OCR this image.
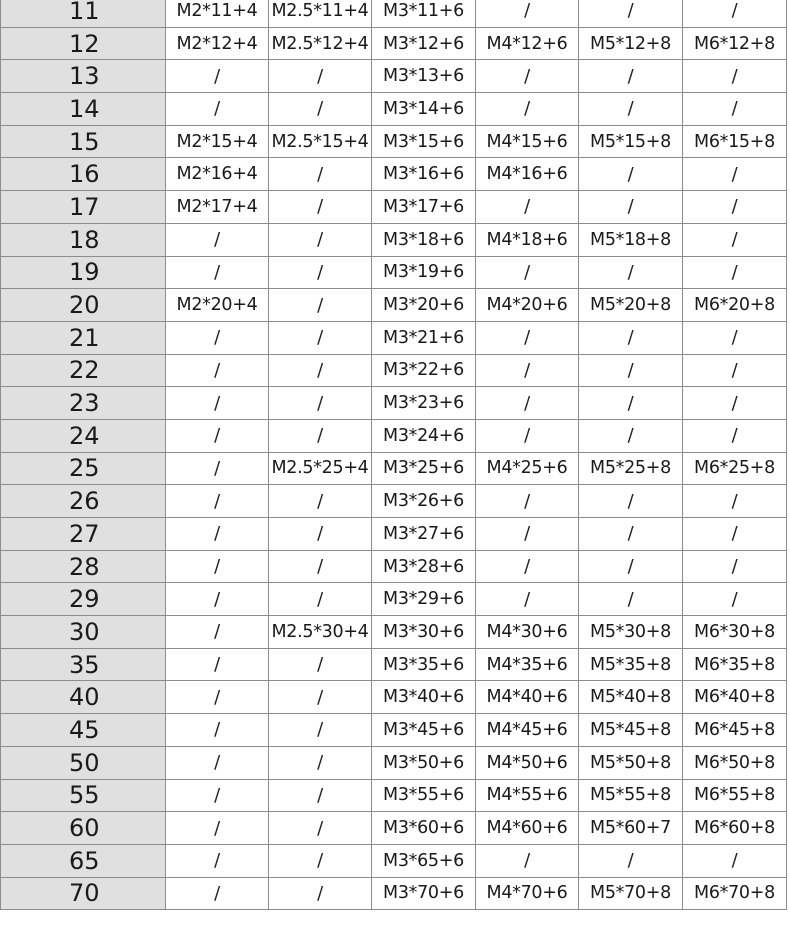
11	M2*11+4	M2.5*11+4	M3*11+6	/	/	/
12	M2*12+4	M2.5*12+4	M3*12+6	M4*12+6	M5*12+8	M6*12+8
13	/	/	M3*13+6	/	/	/
14	/	/	M3*14+6	/	/	/
15	M2*15+4	M2.5*15+4	M3*15+6	M4*15+6	M5*15+8	M6*15+8
16	M2*16+4	/	M3*16+6	M4*16+6	/	/
17	M2*17+4	/	M3*17+6	/	/	/
18	/	/	M3*18+6	M4*18+6	M5*18+8	/
19	/	/	M3*19+6	/	/	/
20	M2*20+4	/	M3*20+6	M4*20+6	M5*20+8	M6*20+8
21	/	/	M3*21+6	/	/	/
22	/	/	M3*22+6	/	/	/
23	/	/	M3*23+6	/	/	/
24	/	/	M3*24+6	/	/	/
25	/	M2.5*25+4	M3*25+6	M4*25+6	M5*25+8	M6*25+8
26	/	/	M3*26+6	/	/	/
27	/	/	M3*27+6	/	/	/
28	/	/	M3*28+6	/	/	/
29	/	/	M3*29+6	/	/	/
30	/	M2.5*30+4	M3*30+6	M4*30+6	M5*30+8	M6*30+8
35	/	/	M3*35+6	M4*35+6	M5*35+8	M6*35+8
40	/	/	M3*40+6	M4*40+6	M5*40+8	M6*40+8
45	/	/	M3*45+6	M4*45+6	M5*45+8	M6*45+8
50	/	/	M3*50+6	M4*50+6	M5*50+8	M6*50+8
55	/	/	M3*55+6	M4*55+6	M5*55+8	M6*55+8
60	/	/	M3*60+6	M4*60+6	M5*60+7	M6*60+8
65	/	/	M3*65+6	/	/	/
70	/	/	M3*70+6	M4*70+6	M5*70+8	M6*70+8
